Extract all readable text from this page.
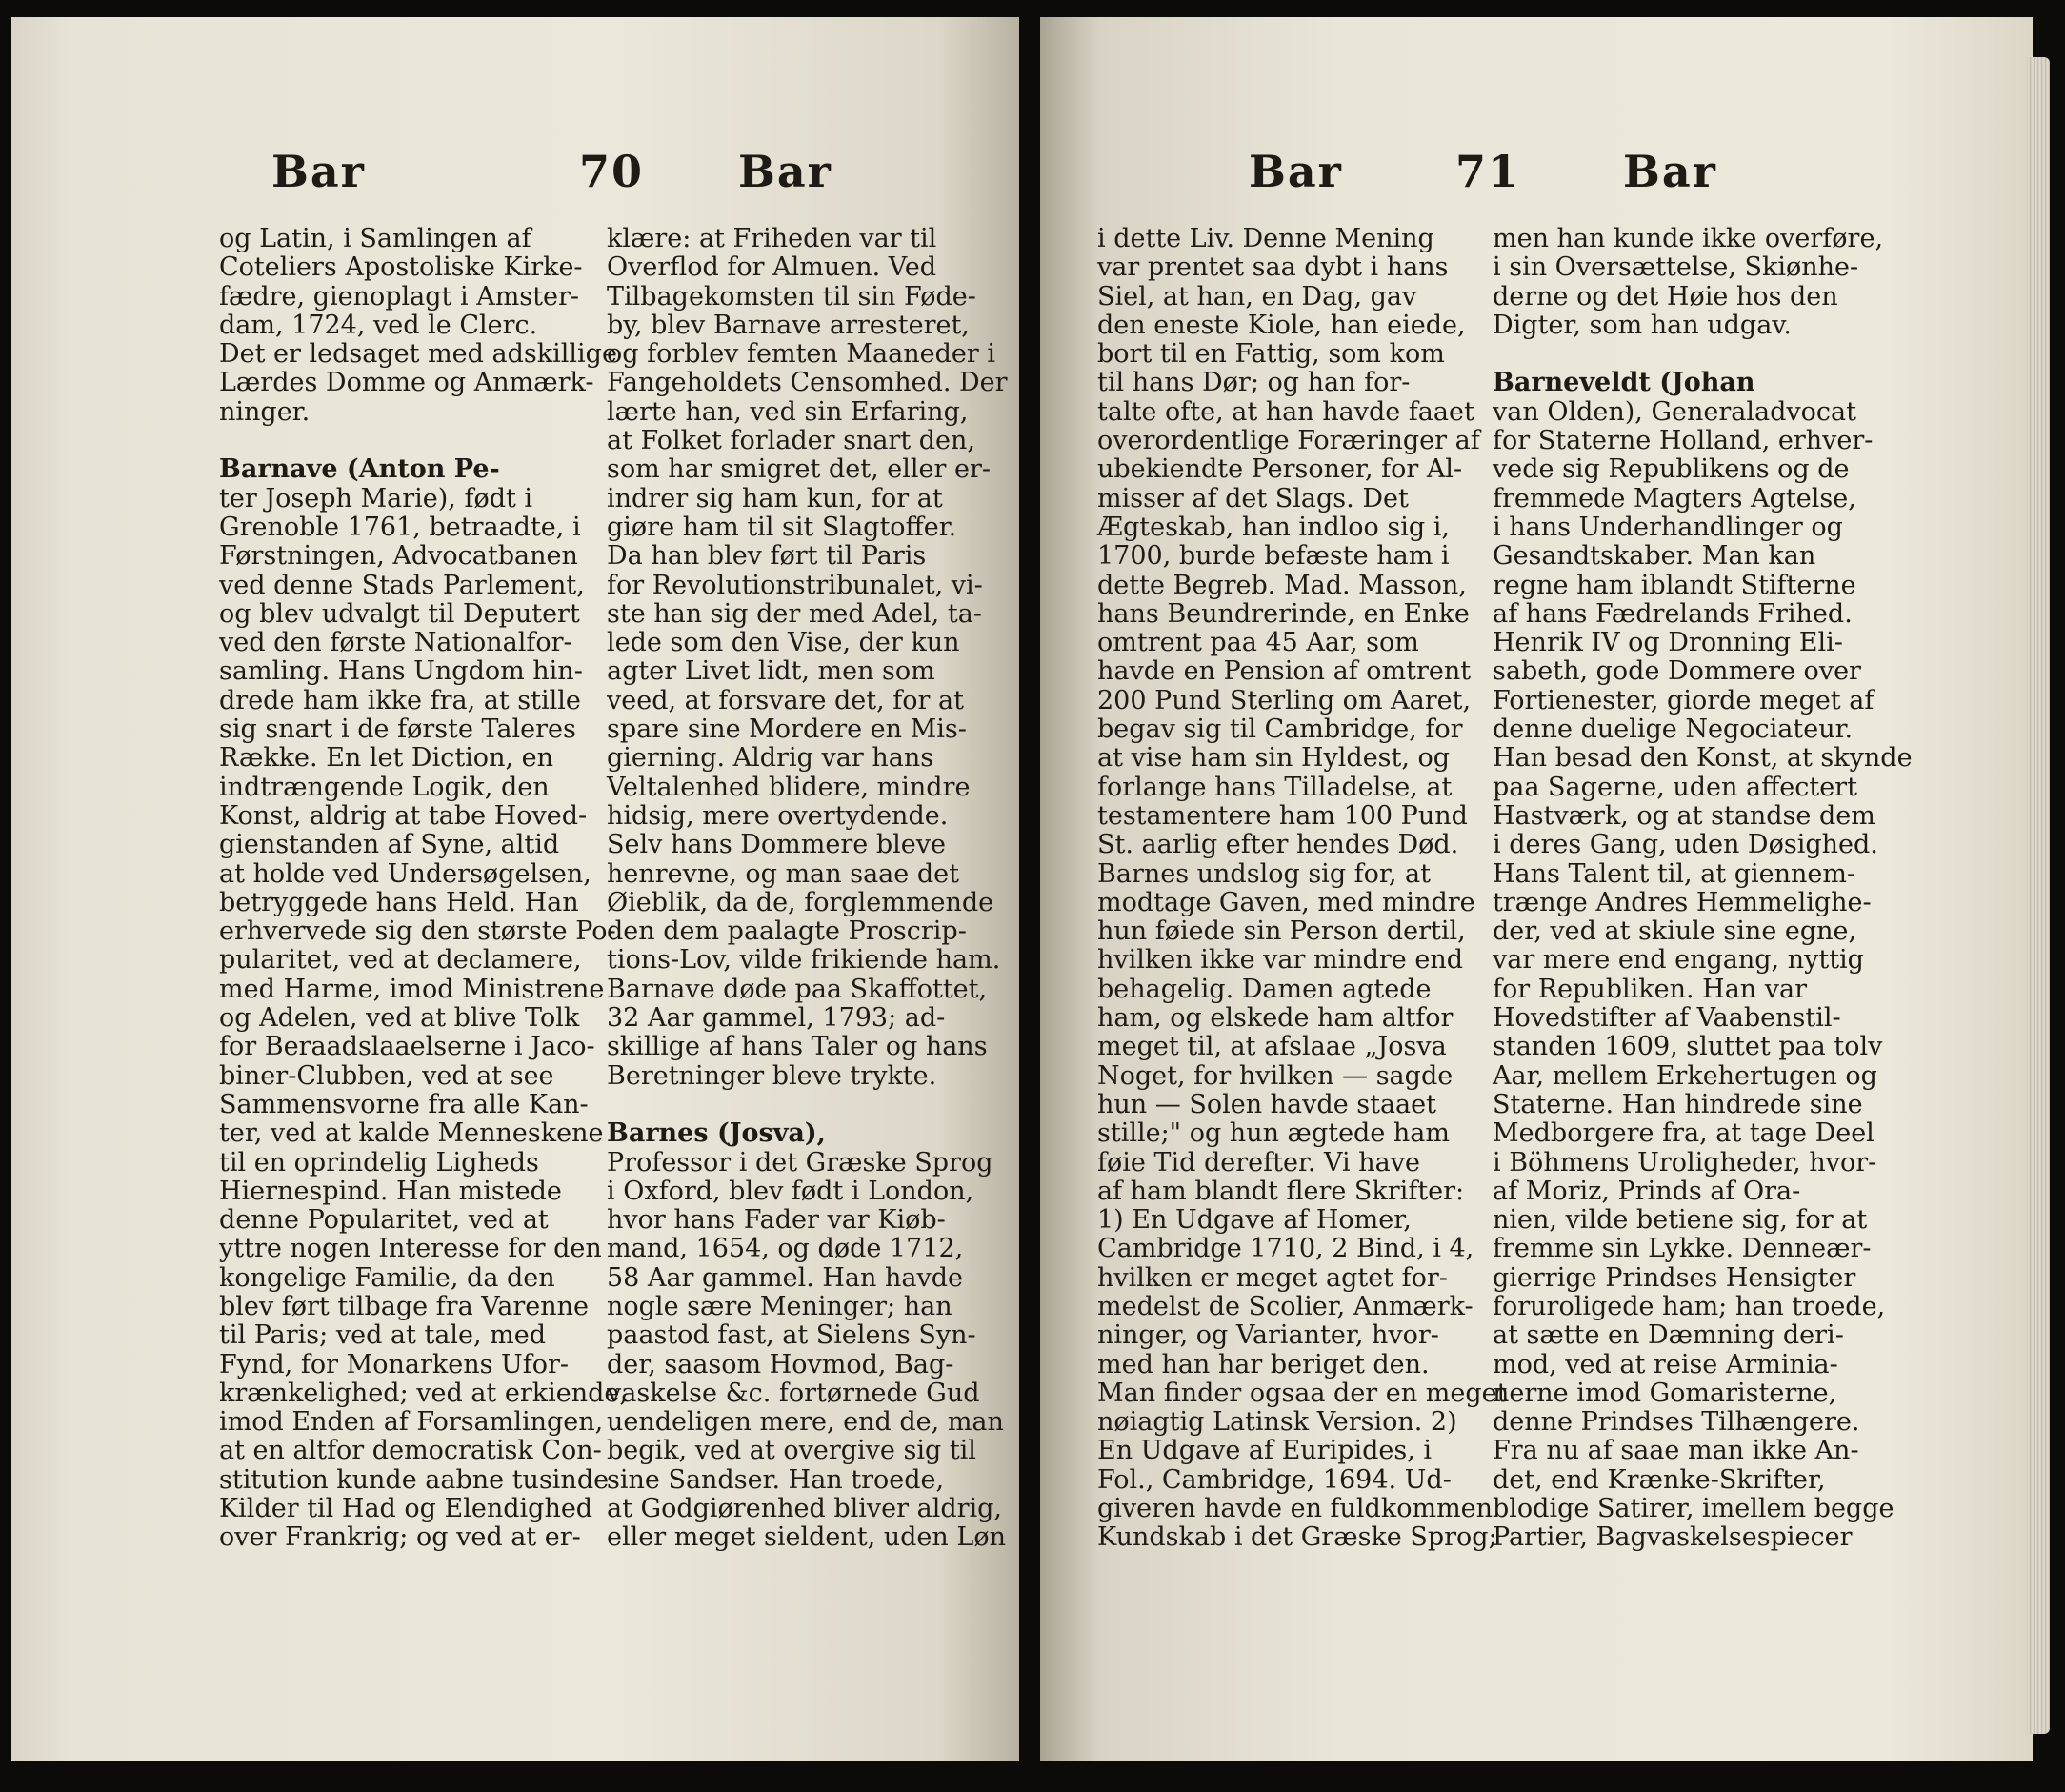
Bar	70 Bar
og Latin, i Samlingen af
Coteliers Apostoliske Kirke-
fædre, gienoplagt i Amster-
dam, 1724, ved le Clerc.
Det er ledsaget med adskillige
Lærdes Domme og Anmærk-
ninger.
Barnave (Anton Pe-
ter Joseph Marie), født i
Grenoble 1761, betraadte, i
Førstningen, Advocatbanen
ved denne Stads Parlement,
og blev udvalgt til Deputert
ved den første Nationalfor-
samling. Hans Ungdom hin-
drede ham ikke fra, at stille
sig snart i de første Taleres
Række. En let Diction, en
indtrængende Logik, den
Konst, aldrig at tabe Hoved-
gienstanden af Syne, altid
at holde ved Undersøgelsen,
betryggede hans Held. Han
erhvervede sig den største Po-
pularitet, ved at declamere,
med Harme, imod Ministrene
og Adelen, ved at blive Tolk
for Beraadslaaelserne i Jaco-
biner-Clubben, ved at see
Sammensvorne fra alle Kan-
ter, ved at kalde Menneskene
til en oprindelig Ligheds
Hiernespind. Han mistede
denne Popularitet, ved at
yttre nogen Interesse for den
kongelige Familie, da den
blev ført tilbage fra Varenne
til Paris; ved at tale, med
Fynd, for Monarkens Ufor-
krænkelighed; ved at erkiende,
imod Enden af Forsamlingen,
at en altfor democratisk Con-
stitution kunde aabne tusinde
Kilder til Had og Elendighed
over Frankrig; og ved at er-
klære: at Friheden var til
Overflod for Almuen. Ved
Tilbagekomsten til sin Føde-
by, blev Barnave arresteret,
og forblev femten Maaneder i
Fangeholdets Censomhed. Der
lærte han, ved sin Erfaring,
at Folket forlader snart den,
som har smigret det, eller er-
indrer sig ham kun, for at
giøre ham til sit Slagtoffer.
Da han blev ført til Paris
for Revolutionstribunalet, vi-
ste han sig der med Adel, ta-
lede som den Vise, der kun
agter Livet lidt, men som
veed, at forsvare det, for at
spare sine Mordere en Mis-
gierning. Aldrig var hans
Veltalenhed blidere, mindre
hidsig, mere overtydende.
Selv hans Dommere bleve
henrevne, og man saae det
Øieblik, da de, forglemmende
den dem paalagte Proscrip-
tions-Lov, vilde frikiende ham.
Barnave døde paa Skaffottet,
32 Aar gammel, 1793; ad-
skillige af hans Taler og hans
Beretninger bleve trykte.
Barnes (Josva),
Professor i det Græske Sprog
i Oxford, blev født i London,
hvor hans Fader var Kiøb-
mand, 1654, og døde 1712,
58 Aar gammel. Han havde
nogle sære Meninger; han
paastod fast, at Sielens Syn-
der, saasom Hovmod, Bag-
vaskelse &c. fortørnede Gud
uendeligen mere, end de, man
begik, ved at overgive sig til
sine Sandser. Han troede,
at Godgiørenhed bliver aldrig,
eller meget sieldent, uden Løn
Bar	71 Bar
i dette Liv. Denne Mening
var prentet saa dybt i hans
Siel, at han, en Dag, gav
den eneste Kiole, han eiede,
bort til en Fattig, som kom
til hans Dør; og han for-
talte ofte, at han havde faaet
overordentlige Foræringer af
ubekiendte Personer, for Al-
misser af det Slags. Det
Ægteskab, han indloo sig i,
1700, burde befæste ham i
dette Begreb. Mad. Masson,
hans Beundrerinde, en Enke
omtrent paa 45 Aar, som
havde en Pension af omtrent
200 Pund Sterling om Aaret,
begav sig til Cambridge, for
at vise ham sin Hyldest, og
forlange hans Tilladelse, at
testamentere ham 100 Pund
St. aarlig efter hendes Død.
Barnes undslog sig for, at
modtage Gaven, med mindre
hun føiede sin Person dertil,
hvilken ikke var mindre end
behagelig. Damen agtede
ham, og elskede ham altfor
meget til, at afslaae „Josva
Noget, for hvilken — sagde
hun — Solen havde staaet
stille;" og hun ægtede ham
føie Tid derefter. Vi have
af ham blandt flere Skrifter:
1) En Udgave af Homer,
Cambridge 1710, 2 Bind, i 4,
hvilken er meget agtet for-
medelst de Scolier, Anmærk-
ninger, og Varianter, hvor-
med han har beriget den.
Man finder ogsaa der en meget
nøiagtig Latinsk Version. 2)
En Udgave af Euripides, i
Fol., Cambridge, 1694. Ud-
giveren havde en fuldkommen
Kundskab i det Græske Sprog;
men han kunde ikke overføre,
i sin Oversættelse, Skiønhe-
derne og det Høie hos den
Digter, som han udgav.
Barneveldt (Johan
van Olden), Generaladvocat
for Staterne Holland, erhver-
vede sig Republikens og de
fremmede Magters Agtelse,
i hans Underhandlinger og
Gesandtskaber. Man kan
regne ham iblandt Stifterne
af hans Fædrelands Frihed.
Henrik IV og Dronning Eli-
sabeth, gode Dommere over
Fortienester, giorde meget af
denne duelige Negociateur.
Han besad den Konst, at skynde
paa Sagerne, uden affectert
Hastværk, og at standse dem
i deres Gang, uden Døsighed.
Hans Talent til, at giennem-
trænge Andres Hemmelighe-
der, ved at skiule sine egne,
var mere end engang, nyttig
for Republiken. Han var
Hovedstifter af Vaabenstil-
standen 1609, sluttet paa tolv
Aar, mellem Erkehertugen og
Staterne. Han hindrede sine
Medborgere fra, at tage Deel
i Böhmens Uroligheder, hvor-
af Moriz, Prinds af Ora-
nien, vilde betiene sig, for at
fremme sin Lykke. Denneær-
gierrige Prindses Hensigter
foruroligede ham; han troede,
at sætte en Dæmning deri-
mod, ved at reise Arminia-
nerne imod Gomaristerne,
denne Prindses Tilhængere.
Fra nu af saae man ikke An-
det, end Krænke-Skrifter,
blodige Satirer, imellem begge
Partier, Bagvaskelsespiecer
